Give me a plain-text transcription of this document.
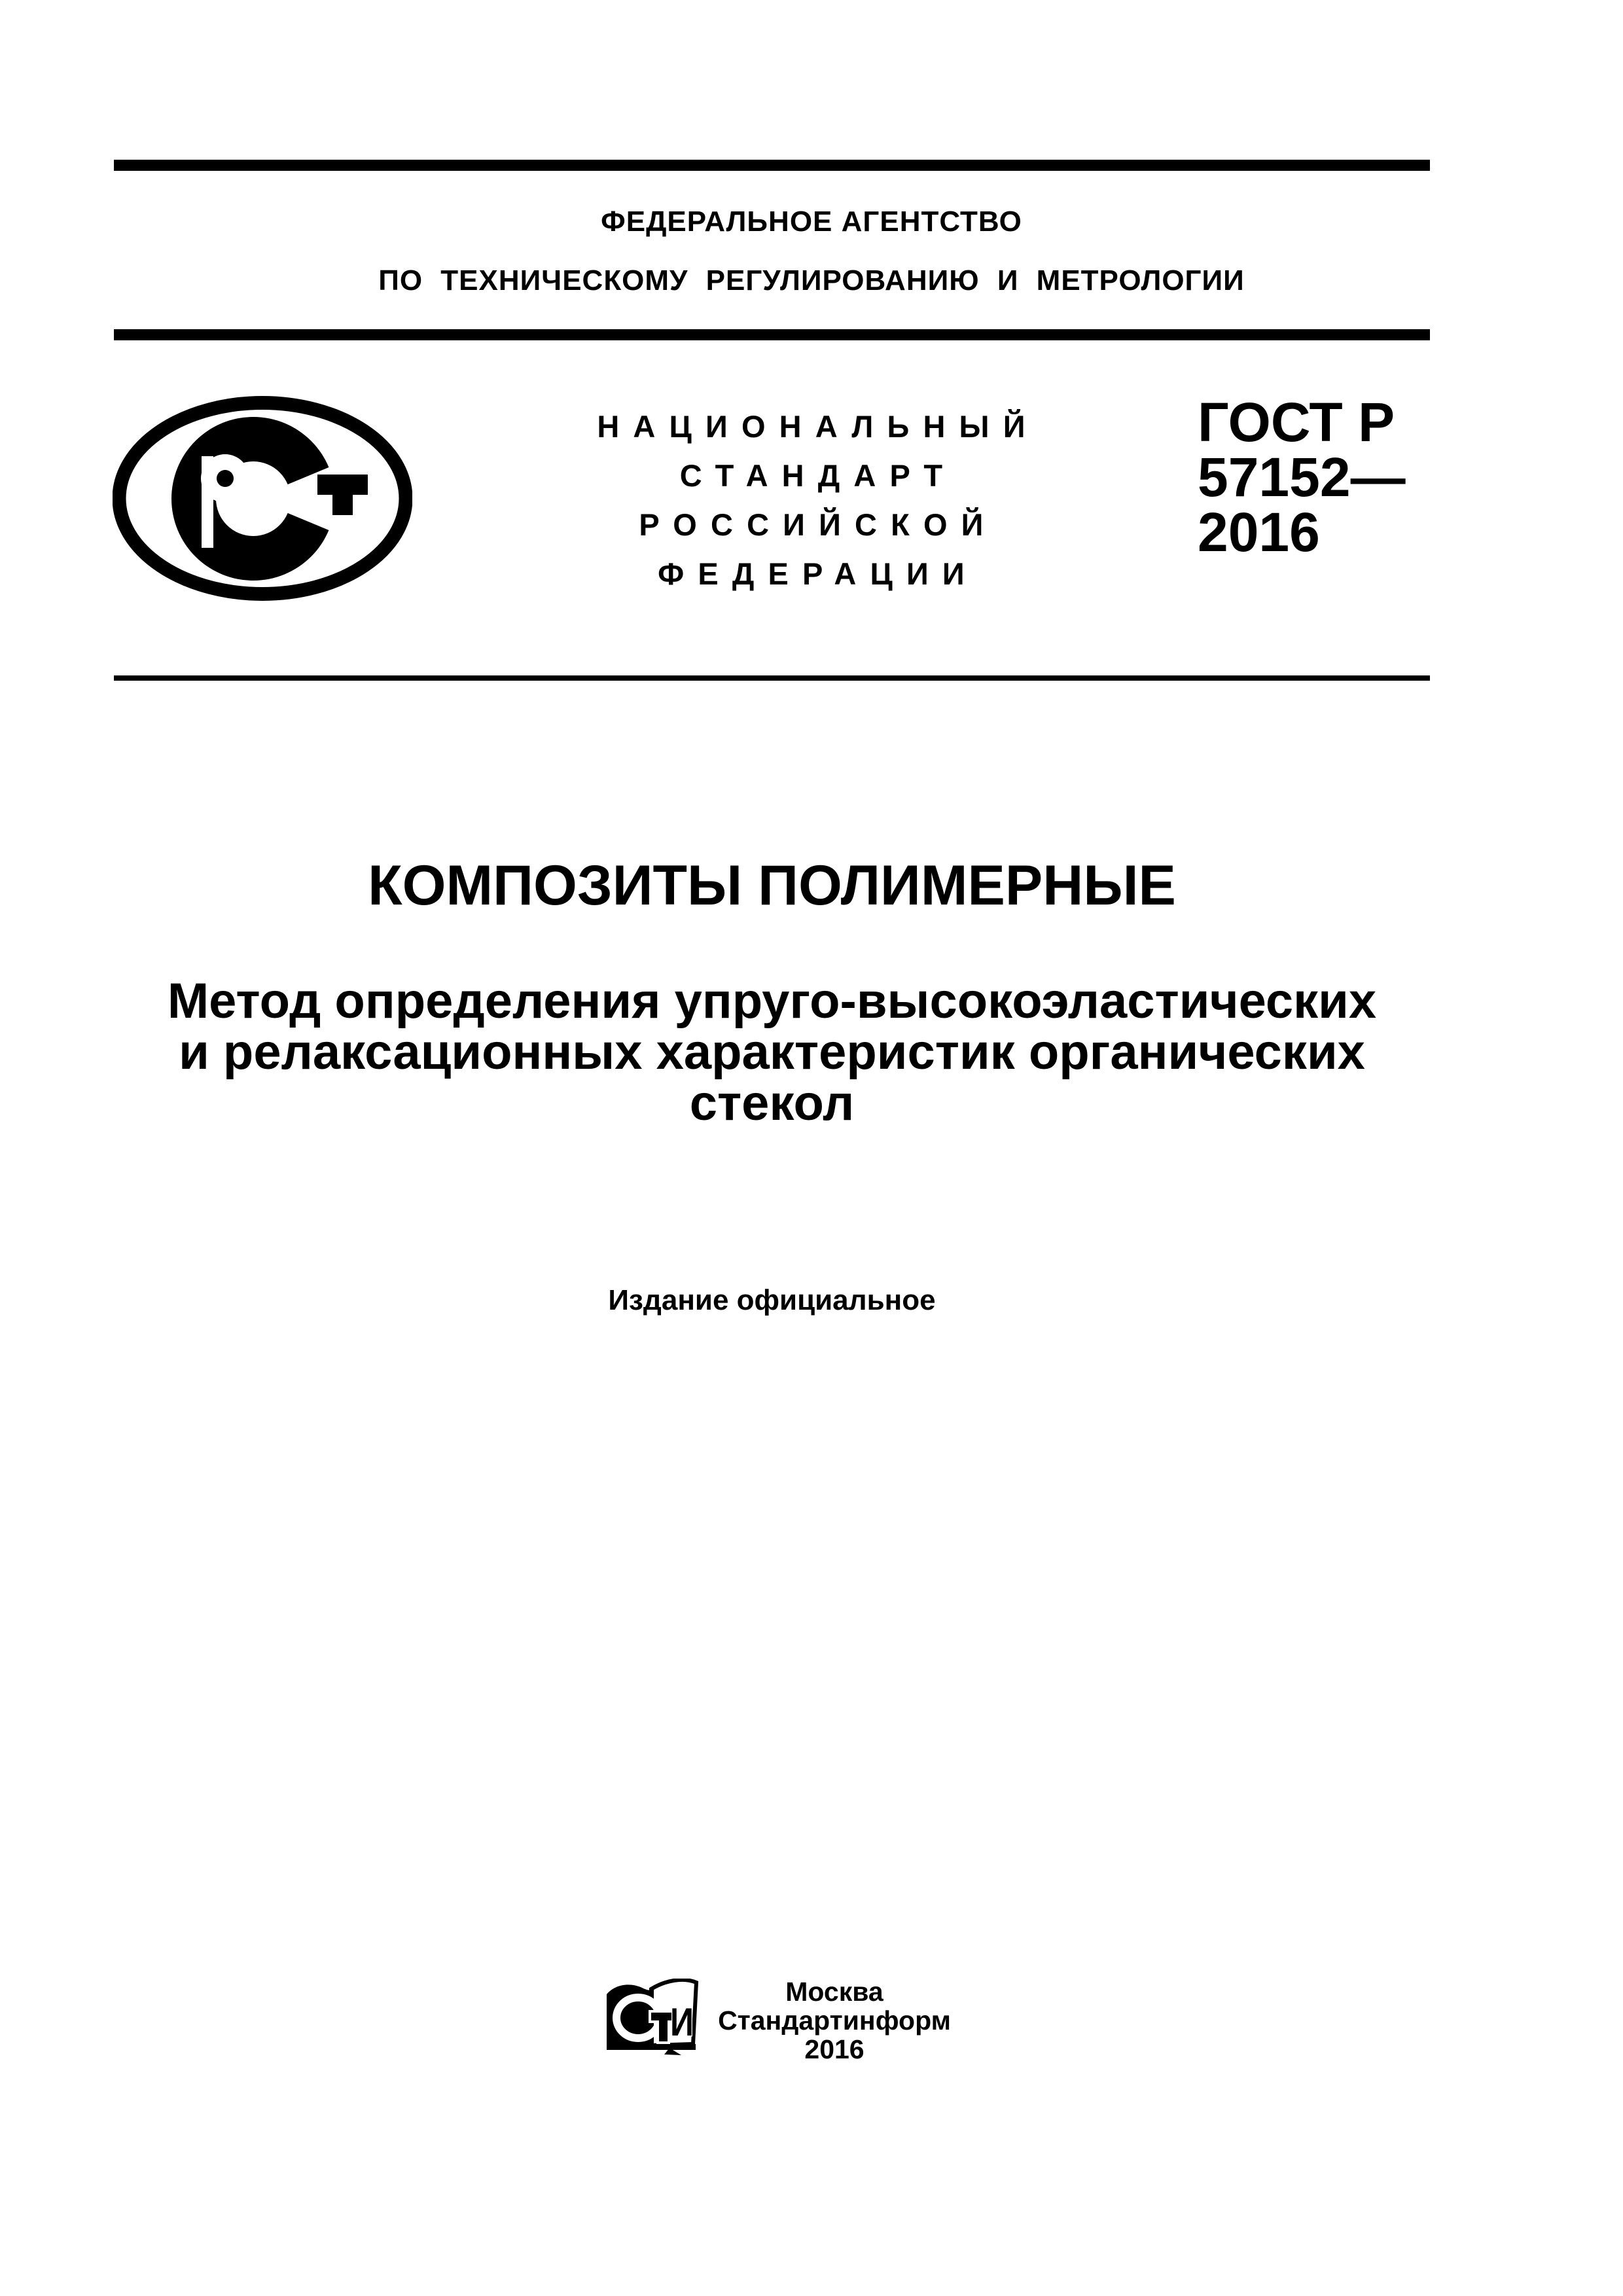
ФЕДЕРАЛЬНОЕ АГЕНТСТВО
ПО ТЕХНИЧЕСКОМУ РЕГУЛИРОВАНИЮ И МЕТРОЛОГИИ
НАЦИОНАЛЬНЫЙ
СТАНДАРТ
РОССИЙСКОЙ
ФЕДЕРАЦИИ
ГОСТ Р
57152—
2016
КОМПОЗИТЫ ПОЛИМЕРНЫЕ
Метод определения упруго-высокоэластических
и релаксационных характеристик органических
стекол
Издание официальное
И
Москва
Стандартинформ
2016
